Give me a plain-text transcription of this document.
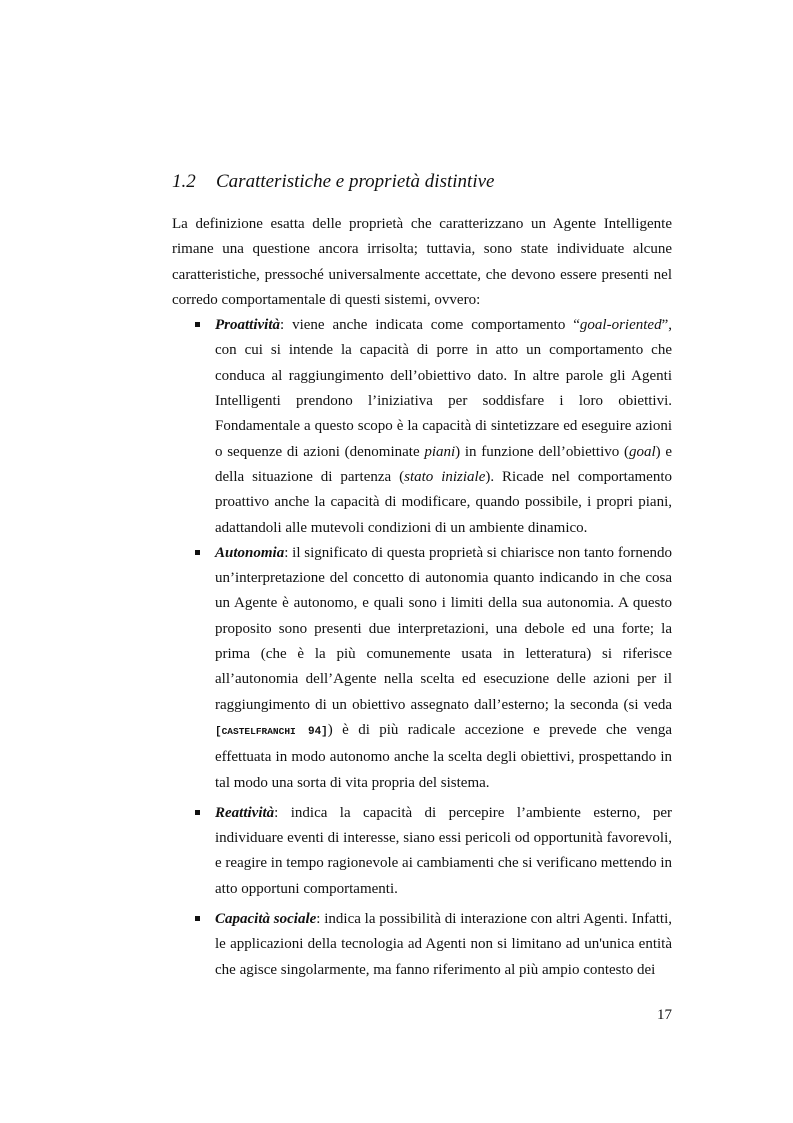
1.2 Caratteristiche e proprietà distintive

La definizione esatta delle proprietà che caratterizzano un Agente Intelligente rimane una questione ancora irrisolta; tuttavia, sono state individuate alcune caratteristiche, pressoché universalmente accettate, che devono essere presenti nel corredo comportamentale di questi sistemi, ovvero:

Proattività: viene anche indicata come comportamento “goal-oriented”, con cui si intende la capacità di porre in atto un comportamento che conduca al raggiungimento dell’obiettivo dato. In altre parole gli Agenti Intelligenti prendono l’iniziativa per soddisfare i loro obiettivi. Fondamentale a questo scopo è la capacità di sintetizzare ed eseguire azioni o sequenze di azioni (denominate piani) in funzione dell’obiettivo (goal) e della situazione di partenza (stato iniziale). Ricade nel comportamento proattivo anche la capacità di modificare, quando possibile, i propri piani, adattandoli alle mutevoli condizioni di un ambiente dinamico.
Autonomia: il significato di questa proprietà si chiarisce non tanto fornendo un’interpretazione del concetto di autonomia quanto indicando in che cosa un Agente è autonomo, e quali sono i limiti della sua autonomia. A questo proposito sono presenti due interpretazioni, una debole ed una forte; la prima (che è la più comunemente usata in letteratura) si riferisce all’autonomia dell’Agente nella scelta ed esecuzione delle azioni per il raggiungimento di un obiettivo assegnato dall’esterno; la seconda (si veda [CASTELFRANCHI 94]) è di più radicale accezione e prevede che venga effettuata in modo autonomo anche la scelta degli obiettivi, prospettando in tal modo una sorta di vita propria del sistema.
Reattività: indica la capacità di percepire l’ambiente esterno, per individuare eventi di interesse, siano essi pericoli od opportunità favorevoli, e reagire in tempo ragionevole ai cambiamenti che si verificano mettendo in atto opportuni comportamenti.
Capacità sociale: indica la possibilità di interazione con altri Agenti. Infatti, le applicazioni della tecnologia ad Agenti non si limitano ad un'unica entità che agisce singolarmente, ma fanno riferimento al più ampio contesto dei
17
